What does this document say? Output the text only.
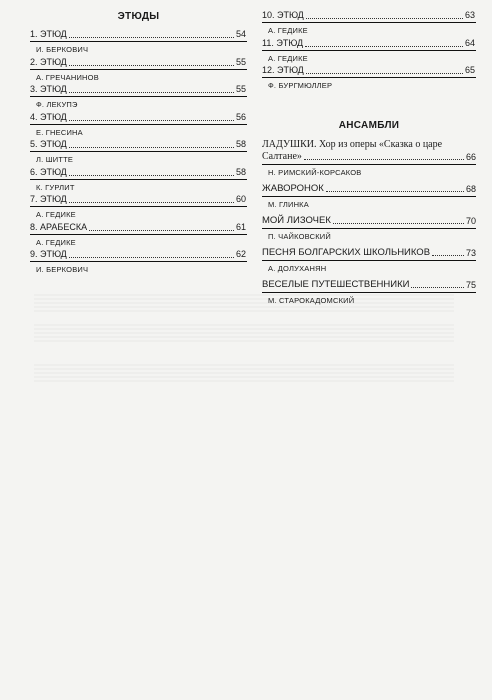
ЭТЮДЫ
1. ЭТЮД	54
И. БЕРКОВИЧ
2. ЭТЮД	55
А. ГРЕЧАНИНОВ
3. ЭТЮД	55
Ф. ЛЕКУПЭ
4. ЭТЮД	56
Е. ГНЕСИНА
5. ЭТЮД	58
Л. ШИТТЕ
6. ЭТЮД	58
К. ГУРЛИТ
7. ЭТЮД	60
А. ГЕДИКЕ
8. АРАБЕСКА	61
А. ГЕДИКЕ
9. ЭТЮД	62
И. БЕРКОВИЧ
10. ЭТЮД	63
А. ГЕДИКЕ
11. ЭТЮД	64
А. ГЕДИКЕ
12. ЭТЮД	65
Ф. БУРГМЮЛЛЕР
АНСАМБЛИ
ЛАДУШКИ. Хор из оперы «Сказка о царе
Салтане»	66
Н. РИМСКИЙ-КОРСАКОВ
ЖАВОРОНОК	68
М. ГЛИНКА
МОЙ ЛИЗОЧЕК	70
П. ЧАЙКОВСКИЙ
ПЕСНЯ БОЛГАРСКИХ ШКОЛЬНИКОВ	73
А. ДОЛУХАНЯН
ВЕСЕЛЫЕ ПУТЕШЕСТВЕННИКИ	75
М. СТАРОКАДОМСКИЙ
